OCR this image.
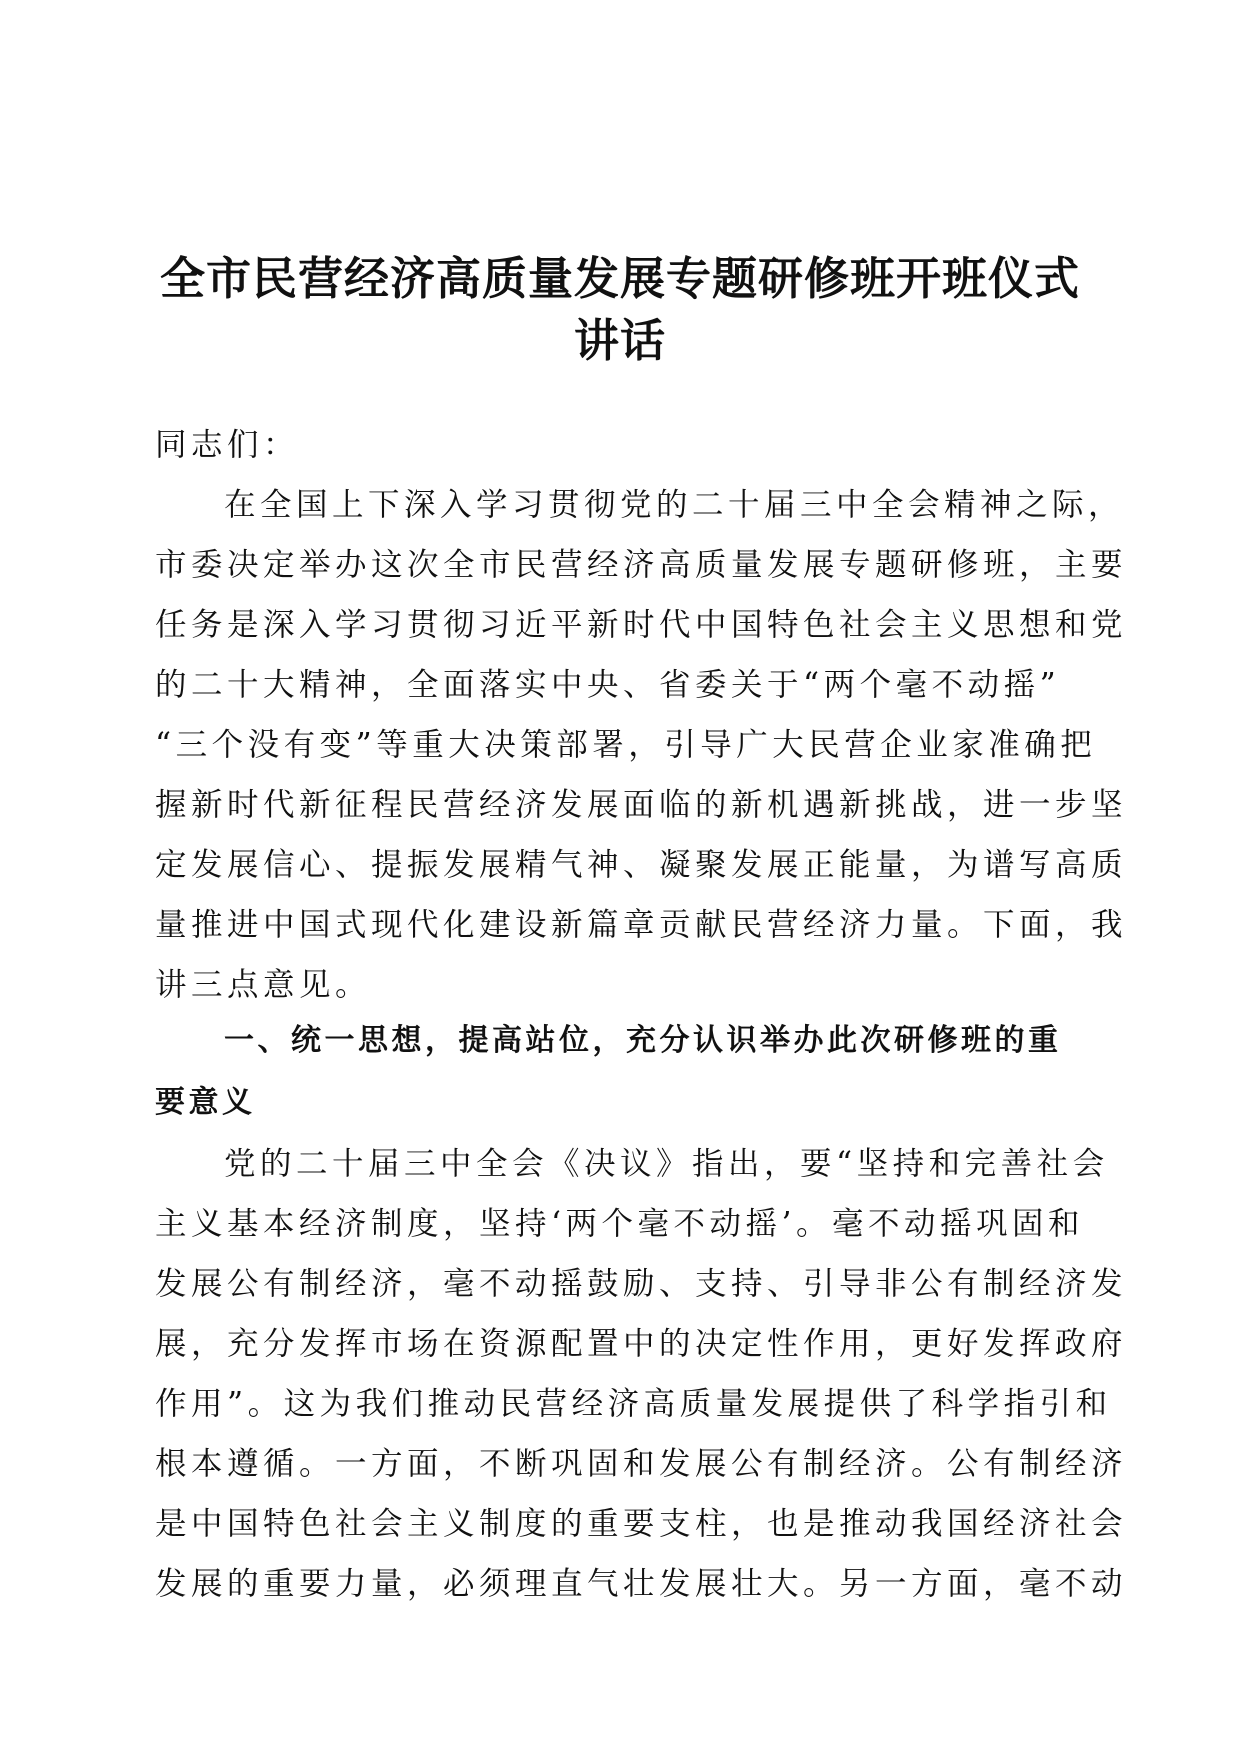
全市民营经济高质量发展专题研修班开班仪式
讲话
同志们：
在全国上下深入学习贯彻党的二十届三中全会精神之际，
市委决定举办这次全市民营经济高质量发展专题研修班，主要
任务是深入学习贯彻习近平新时代中国特色社会主义思想和党
的二十大精神，全面落实中央、省委关于“两个毫不动摇”
“三个没有变”等重大决策部署，引导广大民营企业家准确把
握新时代新征程民营经济发展面临的新机遇新挑战，进一步坚
定发展信心、提振发展精气神、凝聚发展正能量，为谱写高质
量推进中国式现代化建设新篇章贡献民营经济力量。下面，我
讲三点意见。
一、统一思想，提高站位，充分认识举办此次研修班的重
要意义
党的二十届三中全会《决议》指出，要“坚持和完善社会
主义基本经济制度，坚持‘两个毫不动摇’。毫不动摇巩固和
发展公有制经济，毫不动摇鼓励、支持、引导非公有制经济发
展，充分发挥市场在资源配置中的决定性作用，更好发挥政府
作用”。这为我们推动民营经济高质量发展提供了科学指引和
根本遵循。一方面，不断巩固和发展公有制经济。公有制经济
是中国特色社会主义制度的重要支柱，也是推动我国经济社会
发展的重要力量，必须理直气壮发展壮大。另一方面，毫不动
